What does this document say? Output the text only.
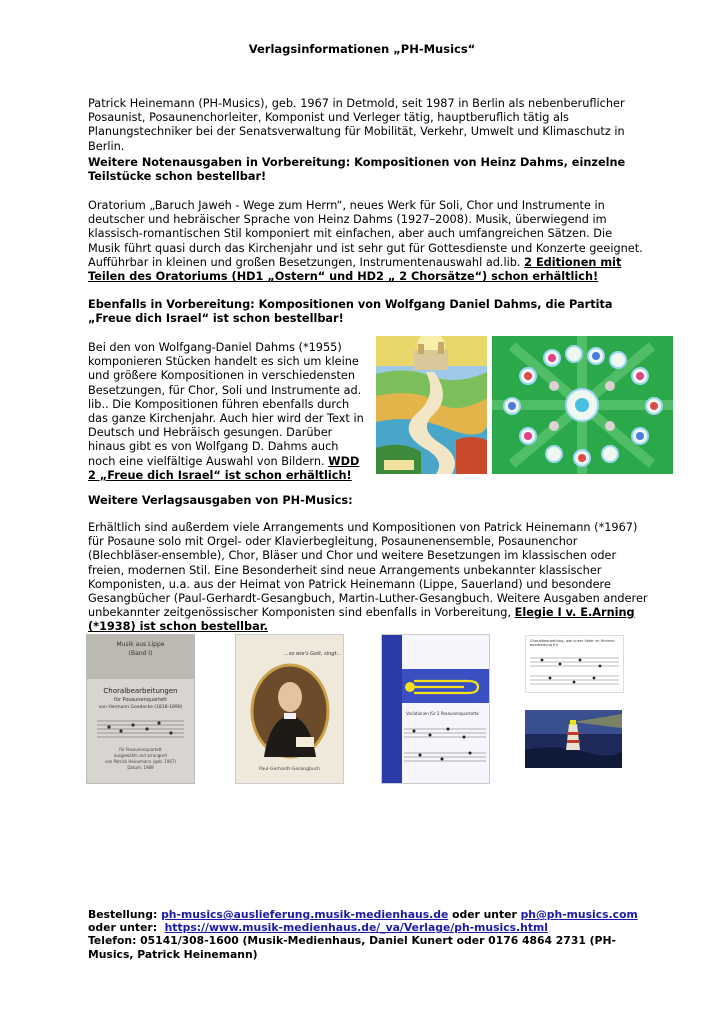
Verlagsinformationen „PH-Musics“
Patrick Heinemann (PH-Musics), geb. 1967 in Detmold, seit 1987 in Berlin als nebenberuflicher Posaunist, Posaunenchorleiter, Komponist und Verleger tätig, hauptberuflich tätig als Planungstechniker bei der Senatsverwaltung für Mobilität, Verkehr, Umwelt und Klimaschutz in Berlin.
Weitere Notenausgaben in Vorbereitung: Kompositionen von Heinz Dahms, einzelne Teilstücke schon bestellbar!
Oratorium „Baruch Jaweh - Wege zum Herrn“, neues Werk für Soli, Chor und Instrumente in deutscher und hebräischer Sprache von Heinz Dahms (1927–2008). Musik, überwiegend im klassisch-romantischen Stil komponiert mit einfachen, aber auch umfangreichen Sätzen. Die Musik führt quasi durch das Kirchenjahr und ist sehr gut für Gottesdienste und Konzerte geeignet. Aufführbar in kleinen und großen Besetzungen, Instrumentenauswahl ad.lib. 2 Editionen mit Teilen des Oratoriums (HD1 „Ostern“ und HD2 „ 2 Chorsätze“) schon erhältlich!
Ebenfalls in Vorbereitung: Kompositionen von Wolfgang Daniel Dahms, die Partita „Freue dich Israel“ ist schon bestellbar!
Bei den von Wolfgang-Daniel Dahms (*1955) komponieren Stücken handelt es sich um kleine und größere Kompositionen in verschiedensten Besetzungen, für Chor, Soli und Instrumente ad. lib.. Die Kompositionen führen ebenfalls durch das ganze Kirchenjahr. Auch hier wird der Text in Deutsch und Hebräisch gesungen. Darüber hinaus gibt es von Wolfgang D. Dahms auch noch eine vielfältige Auswahl von Bildern. WDD 2 „Freue dich Israel“ ist schon erhältlich!
Weitere Verlagsausgaben von PH-Musics:
Erhältlich sind außerdem viele Arrangements und Kompositionen von Patrick Heinemann (*1967) für Posaune solo mit Orgel- oder Klavierbegleitung, Posaunenensemble, Posaunenchor (Blechbläser-ensemble), Chor, Bläser und Chor und weitere Besetzungen im klassischen oder freien, modernen Stil. Eine Besonderheit sind neue Arrangements unbekannter klassischer Komponisten, u.a. aus der Heimat von Patrick Heinemann (Lippe, Sauerland) und besondere Gesangbücher (Paul-Gerhardt-Gesangbuch, Martin-Luther-Gesangbuch. Weitere Ausgaben anderer unbekannter zeitgenössischer Komponisten sind ebenfalls in Vorbereitung, Elegie I v. E.Arning (*1938) ist schon bestellbar.
Musik aus Lippe
(Band I)
Choralbearbeitungen
für Posaunenquartett
von Hermann Goedecke (1818-1890)
für Posaunenquartett
ausgewählt und arrangiert
von Patrick Heinemann (geb. 1967)
Datum: 1989
...so wie's Gott, singt...
Paul-Gerhardt-Gesangbuch
Variationen für 2 Posaunenquartette
Choralbearbeitung, wie unser Vater im Himmel bearbeitung für
Bestellung: ph-musics@auslieferung.musik-medienhaus.de oder unter ph@ph-musics.com
oder unter: https://www.musik-medienhaus.de/_va/Verlage/ph-musics.html
Telefon: 05141/308-1600 (Musik-Medienhaus, Daniel Kunert oder 0176 4864 2731 (PH-Musics, Patrick Heinemann)
